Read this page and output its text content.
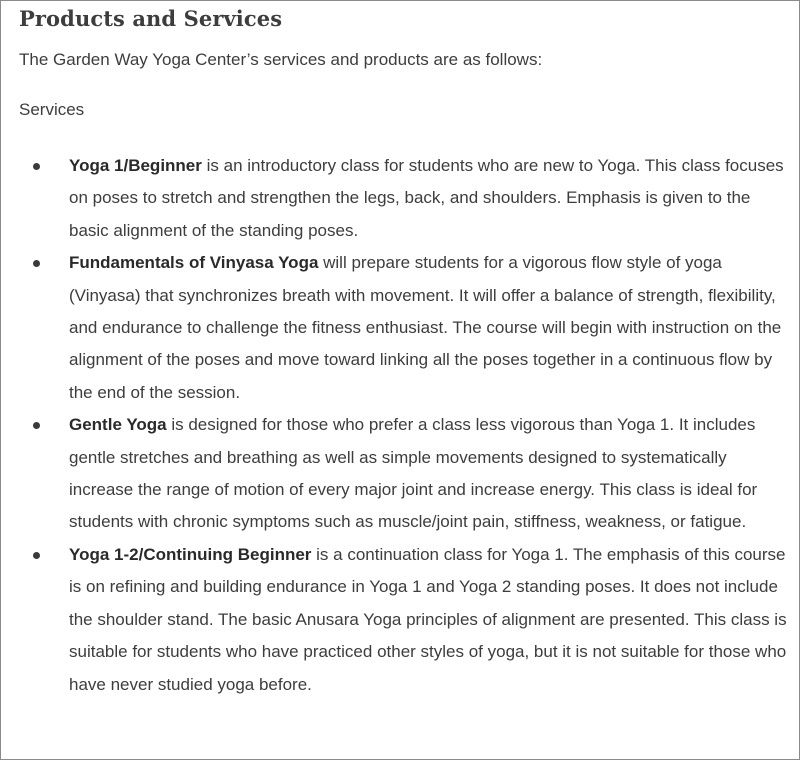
Products and Services

The Garden Way Yoga Center’s services and products are as follows:

Services

Yoga 1/Beginner is an introductory class for students who are new to Yoga. This class focuses on poses to stretch and strengthen the legs, back, and shoulders. Emphasis is given to the basic alignment of the standing poses.
Fundamentals of Vinyasa Yoga will prepare students for a vigorous flow style of yoga (Vinyasa) that synchronizes breath with movement. It will offer a balance of strength, flexibility, and endurance to challenge the fitness enthusiast. The course will begin with instruction on the alignment of the poses and move toward linking all the poses together in a continuous flow by the end of the session.
Gentle Yoga is designed for those who prefer a class less vigorous than Yoga 1. It includes gentle stretches and breathing as well as simple movements designed to systematically increase the range of motion of every major joint and increase energy. This class is ideal for students with chronic symptoms such as muscle/joint pain, stiffness, weakness, or fatigue.
Yoga 1-2/Continuing Beginner is a continuation class for Yoga 1. The emphasis of this course is on refining and building endurance in Yoga 1 and Yoga 2 standing poses. It does not include the shoulder stand. The basic Anusara Yoga principles of alignment are presented. This class is suitable for students who have practiced other styles of yoga, but it is not suitable for those who have never studied yoga before.
